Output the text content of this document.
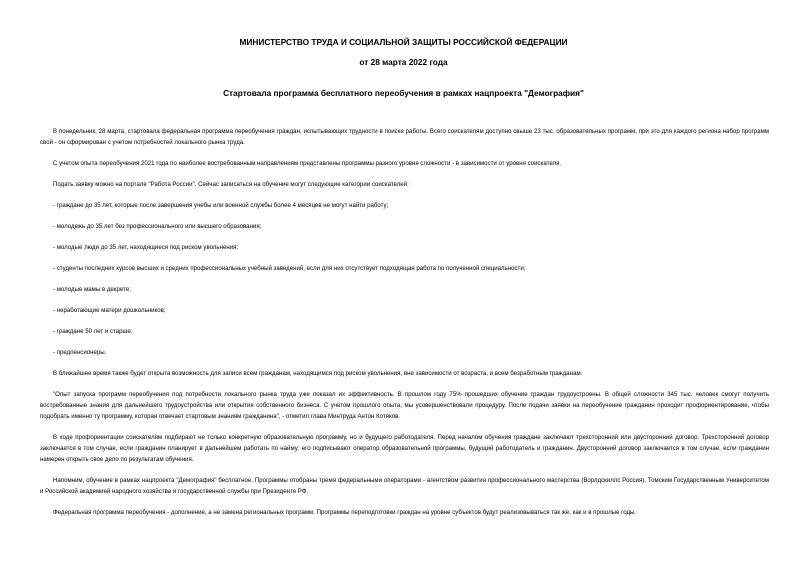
МИНИСТЕРСТВО ТРУДА И СОЦИАЛЬНОЙ ЗАЩИТЫ РОССИЙСКОЙ ФЕДЕРАЦИИ
от 28 марта 2022 года
Стартовала программа бесплатного переобучения в рамках нацпроекта "Демография"

В понедельник, 28 марта, стартовала федеральная программа переобучения граждан, испытывающих трудности в поиске работы. Всего соискателям доступно свыше 23 тыс. образовательных программ, при это для каждого региона набор программ свой - он сформирован с учетом потребностей локального рынка труда.

С учетом опыта переобучения 2021 года по наиболее востребованным направлениям представлены программы разного уровня сложности - в зависимости от уровня соискателя.

Подать заявку можно на портале "Работа России". Сейчас записаться на обучение могут следующие категории соискателей:

- граждане до 35 лет, которые после завершения учебы или военной службы более 4 месяцев не могут найти работу;

- молодежь до 35 лет без профессионального или высшего образования;

- молодые люди до 35 лет, находящиеся под риском увольнения;

- студенты последних курсов высших и средних профессиональных учебный заведений, если для них отсутствует подходящая работа по полученной специальности;

- молодые мамы в декрете;

- неработающие матери дошкольников;

- граждане 50 лет и старше;

- предпенсионеры.

В ближайшее время также будет открыта возможность для записи всем гражданам, находящимся под риском увольнения, вне зависимости от возраста, и всем безработным гражданам.

"Опыт запуска программ переобучения под потребности локального рынка труда уже показал их эффективность. В прошлом году 75% прошедших обучение граждан трудоустроены. В общей сложности 345 тыс. человек смогут получить востребованные знания для дальнейшего трудоустройства или открытия собственного бизнеса. С учетом прошлого опыта, мы усовершенствовали процедуру. После подачи заявки на переобучение гражданин проходит профориентирование, чтобы подобрать именно ту программу, которая отвечает стартовым знаниям гражданина", - отметил глава Минтруда Антон Котяков.

В ходе профориентации соискателям подбирают не только конкретную образовательную программу, но и будущего работодателя. Перед началом обучения граждане заключают трехсторонний или двусторонний договор. Трехсторонний договор заключается в том случае, если гражданин планирует в дальнейшем работать по найму: его подписывают оператор образовательной программы, будущий работодатель и гражданин. Двусторонний договор заключается в том случае, если гражданин намерен открыть свое дело по результатам обучения.

Напомним, обучение в рамках нацпроекта "Демография" бесплатное. Программы отобраны тремя федеральными операторами - агентством развития профессионального мастерства (Ворлдскиллс Россия), Томским Государственным Университетом и Российской академией народного хозяйства и государственной службы при Президенте РФ.

Федеральная программа переобучения - дополнение, а не замена региональных программ. Программы переподготовки граждан на уровне субъектов будут реализовываться так же, как и в прошлые годы.
